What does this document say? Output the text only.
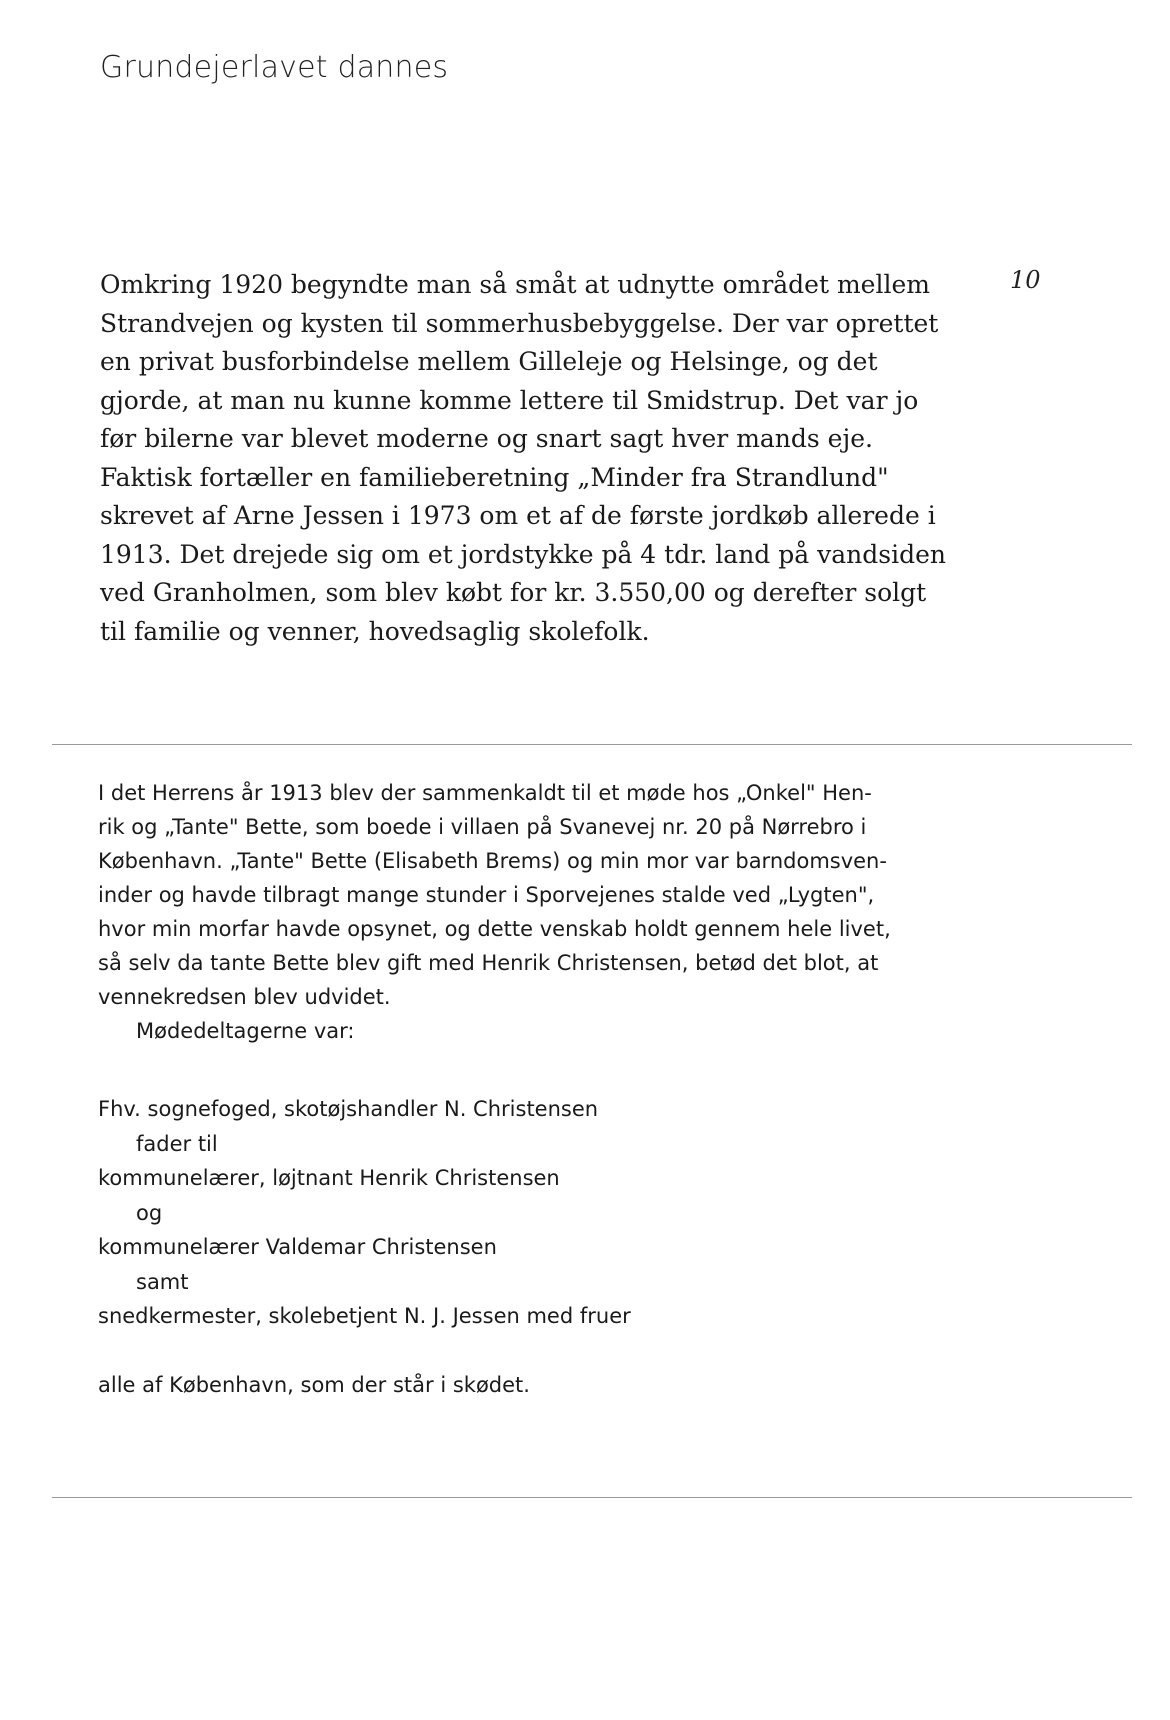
Grundejerlavet dannes
10
Omkring 1920 begyndte man så småt at udnytte området mellem
Strandvejen og kysten til sommerhusbebyggelse. Der var oprettet
en privat busforbindelse mellem Gilleleje og Helsinge, og det
gjorde, at man nu kunne komme lettere til Smidstrup. Det var jo
før bilerne var blevet moderne og snart sagt hver mands eje.
Faktisk fortæller en familieberetning „Minder fra Strandlund"
skrevet af Arne Jessen i 1973 om et af de første jordkøb allerede i
1913. Det drejede sig om et jordstykke på 4 tdr. land på vandsiden
ved Granholmen, som blev købt for kr. 3.550,00 og derefter solgt
til familie og venner, hovedsaglig skolefolk.
I det Herrens år 1913 blev der sammenkaldt til et møde hos „Onkel" Hen-
rik og „Tante" Bette, som boede i villaen på Svanevej nr. 20 på Nørrebro i
København. „Tante" Bette (Elisabeth Brems) og min mor var barndomsven-
inder og havde tilbragt mange stunder i Sporvejenes stalde ved „Lygten",
hvor min morfar havde opsynet, og dette venskab holdt gennem hele livet,
så selv da tante Bette blev gift med Henrik Christensen, betød det blot, at
vennekredsen blev udvidet.
Mødedeltagerne var:
Fhv. sognefoged, skotøjshandler N. Christensen
fader til
kommunelærer, løjtnant Henrik Christensen
og
kommunelærer Valdemar Christensen
samt
snedkermester, skolebetjent N. J. Jessen med fruer
alle af København, som der står i skødet.
